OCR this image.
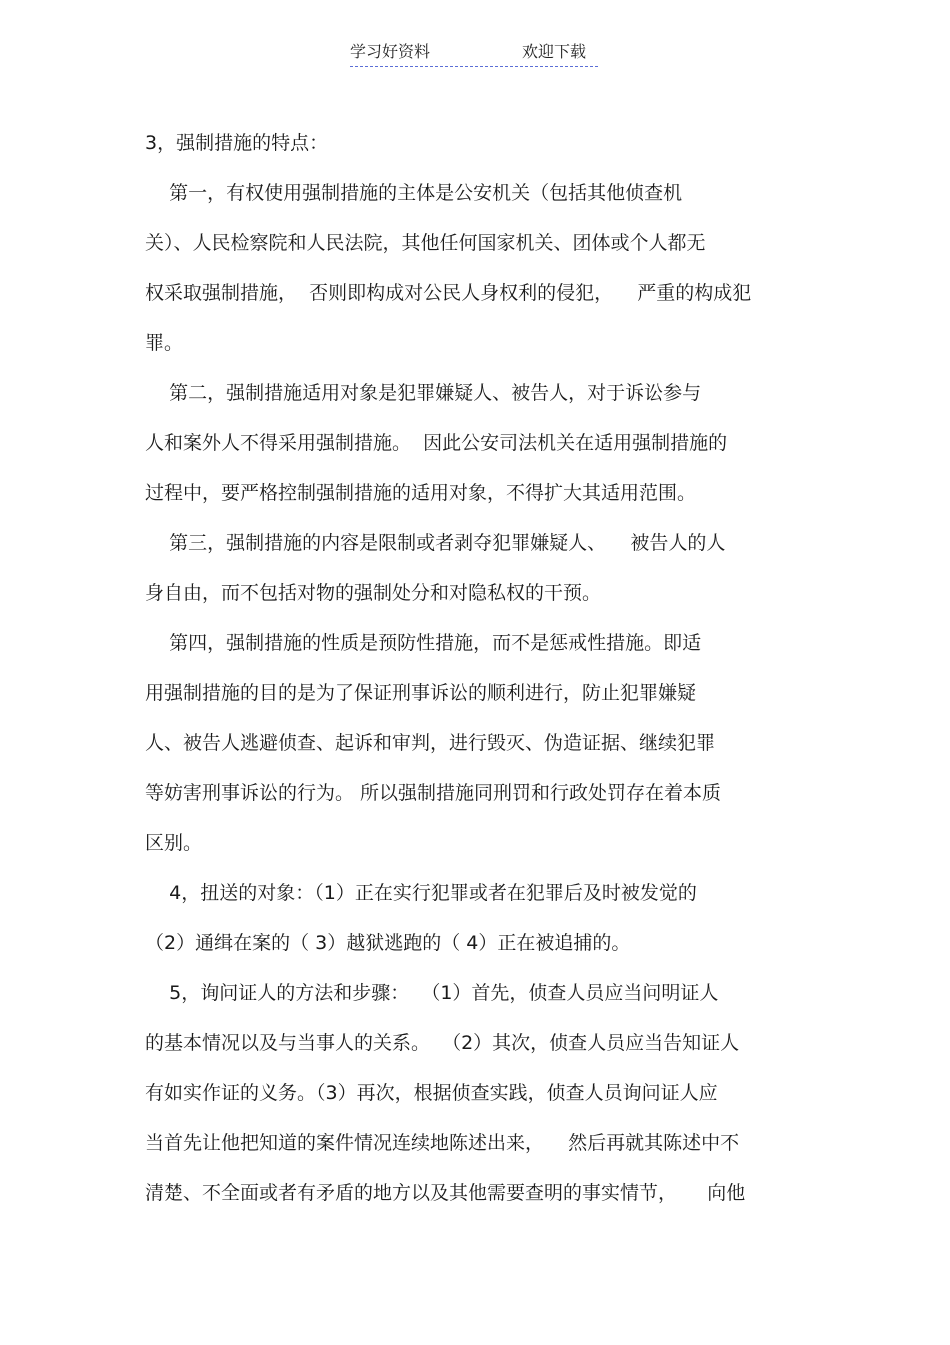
学习好资料	欢迎下载
3，强制措施的特点：
第一，有权使用强制措施的主体是公安机关（包括其他侦查机
关）、人民检察院和人民法院，其他任何国家机关、团体或个人都无
权采取强制措施，  否则即构成对公民人身权利的侵犯，    严重的构成犯
罪。
第二，强制措施适用对象是犯罪嫌疑人、被告人，对于诉讼参与
人和案外人不得采用强制措施。  因此公安司法机关在适用强制措施的
过程中，要严格控制强制措施的适用对象，不得扩大其适用范围。
第三，强制措施的内容是限制或者剥夺犯罪嫌疑人、    被告人的人
身自由，而不包括对物的强制处分和对隐私权的干预。
第四，强制措施的性质是预防性措施，而不是惩戒性措施。即适
用强制措施的目的是为了保证刑事诉讼的顺利进行，防止犯罪嫌疑
人、被告人逃避侦查、起诉和审判，进行毁灭、伪造证据、继续犯罪
等妨害刑事诉讼的行为。 所以强制措施同刑罚和行政处罚存在着本质
区别。
4，扭送的对象：（1）正在实行犯罪或者在犯罪后及时被发觉的
（2）通缉在案的（ 3）越狱逃跑的（ 4）正在被追捕的。
5，询问证人的方法和步骤：  （1）首先，侦查人员应当问明证人
的基本情况以及与当事人的关系。  （2）其次，侦查人员应当告知证人
有如实作证的义务。（3）再次，根据侦查实践，侦查人员询问证人应
当首先让他把知道的案件情况连续地陈述出来，    然后再就其陈述中不
清楚、不全面或者有矛盾的地方以及其他需要查明的事实情节，     向他
